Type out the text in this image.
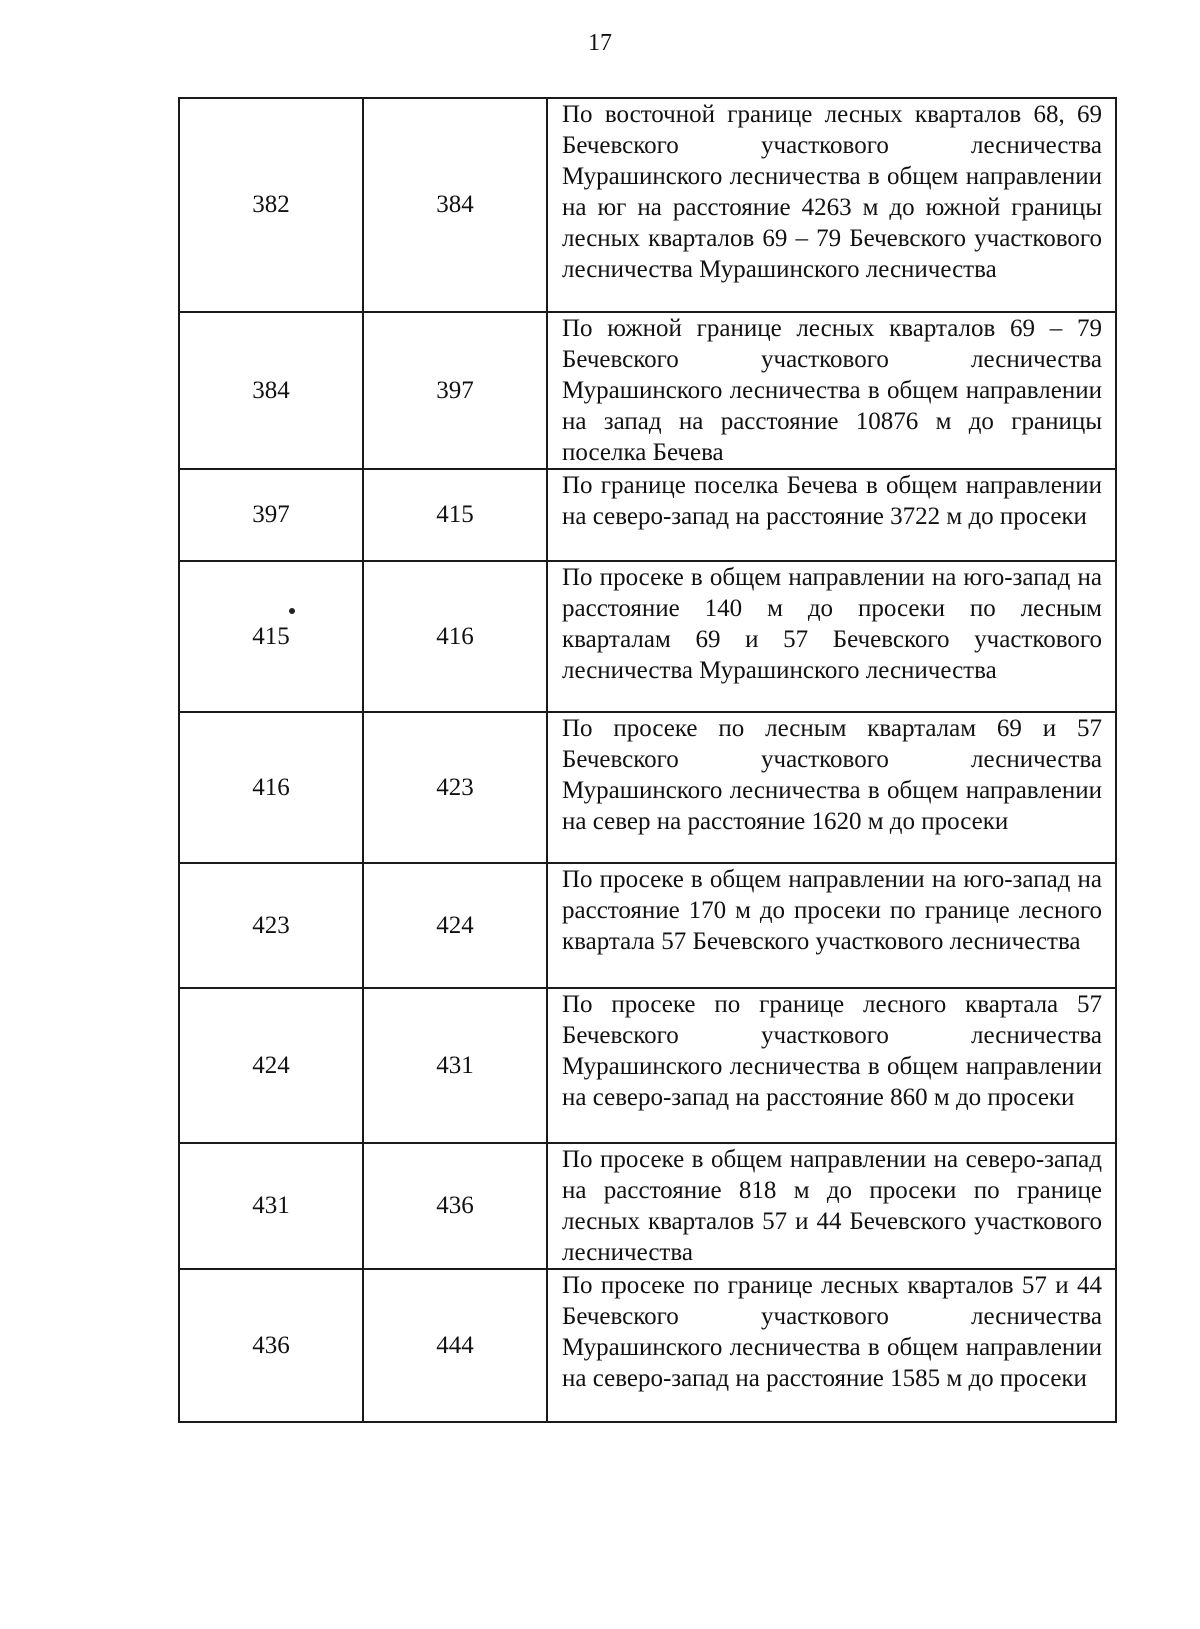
17
382	384	По восточной границе лесных кварталов 68, 69 Бечевского участкового лесничества Мурашинского лесничества в общем направлении на юг на расстояние 4263 м до южной границы лесных кварталов 69 – 79 Бечевского участкового лесничества Мурашинского лесничества
384	397	По южной границе лесных кварталов 69 – 79 Бечевского участкового лесничества Мурашинского лесничества в общем направлении на запад на расстояние 10876 м до границы поселка Бечева
397	415	По границе поселка Бечева в общем направлении на северо-запад на расстояние 3722 м до просеки
415	416	По просеке в общем направлении на юго-запад на расстояние 140 м до просеки по лесным кварталам 69 и 57 Бечевского участкового лесничества Мурашинского лесничества
416	423	По просеке по лесным кварталам 69 и 57 Бечевского участкового лесничества Мурашинского лесничества в общем направлении на север на расстояние 1620 м до просеки
423	424	По просеке в общем направлении на юго-запад на расстояние 170 м до просеки по границе лесного квартала 57 Бечевского участкового лесничества
424	431	По просеке по границе лесного квартала 57 Бечевского участкового лесничества Мурашинского лесничества в общем направлении на северо-запад на расстояние 860 м до просеки
431	436	По просеке в общем направлении на северо-запад на расстояние 818 м до просеки по границе лесных кварталов 57 и 44 Бечевского участкового лесничества
436	444	По просеке по границе лесных кварталов 57 и 44 Бечевского участкового лесничества Мурашинского лесничества в общем направлении на северо-запад на расстояние 1585 м до просеки
